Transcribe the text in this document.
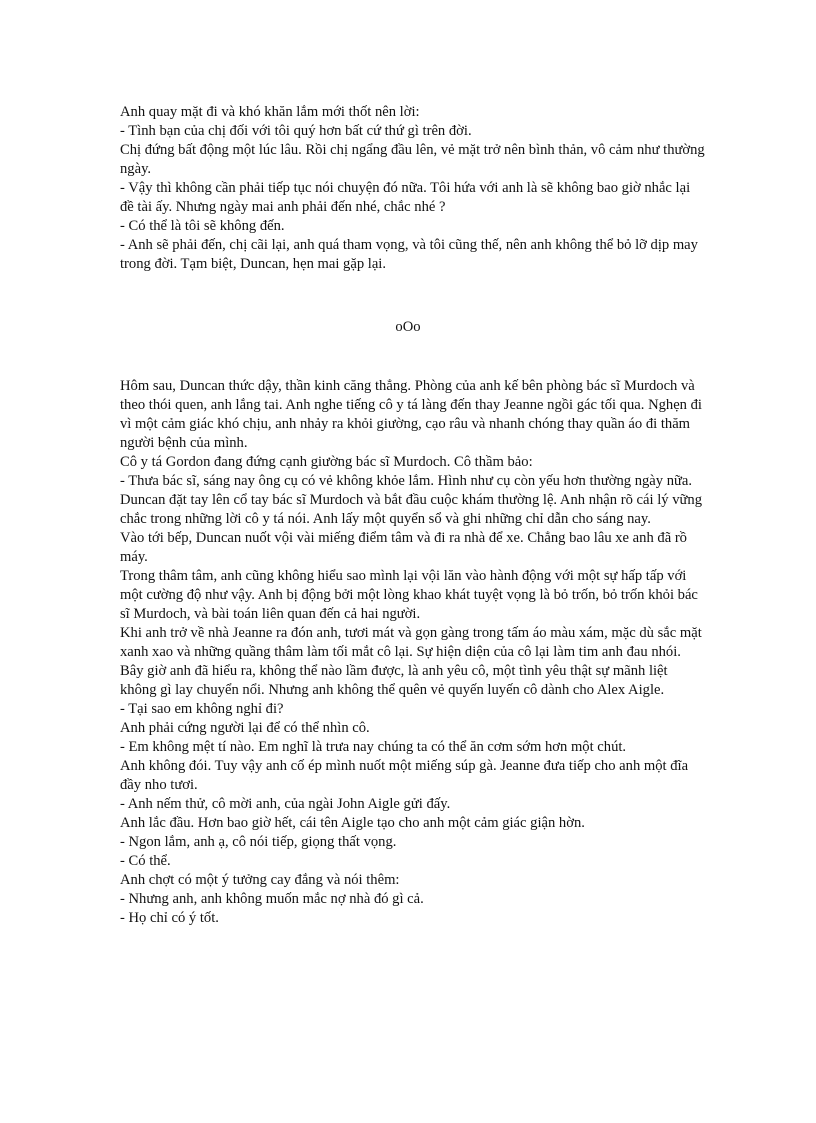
Anh quay mặt đi và khó khăn lắm mới thốt nên lời:

- Tình bạn của chị đối với tôi quý hơn bất cứ thứ gì trên đời.

Chị đứng bất động một lúc lâu. Rồi chị ngẩng đầu lên, vẻ mặt trở nên bình thản, vô cảm như thường ngày.

- Vậy thì không cần phải tiếp tục nói chuyện đó nữa. Tôi hứa với anh là sẽ không bao giờ nhắc lại đề tài ấy. Nhưng ngày mai anh phải đến nhé, chắc nhé ?

- Có thể là tôi sẽ không đến.

- Anh sẽ phải đến, chị cãi lại, anh quá tham vọng, và tôi cũng thế, nên anh không thể bỏ lỡ dịp may trong đời. Tạm biệt, Duncan, hẹn mai gặp lại.

oOo

Hôm sau, Duncan thức dậy, thần kinh căng thẳng. Phòng của anh kế bên phòng bác sĩ Murdoch và theo thói quen, anh lắng tai. Anh nghe tiếng cô y tá làng đến thay Jeanne ngồi gác tối qua. Nghẹn đi vì một cảm giác khó chịu, anh nhảy ra khỏi giường, cạo râu và nhanh chóng thay quần áo đi thăm người bệnh của mình.

Cô y tá Gordon đang đứng cạnh giường bác sĩ Murdoch. Cô thầm bảo:

- Thưa bác sĩ, sáng nay ông cụ có vẻ không khỏe lắm. Hình như cụ còn yếu hơn thường ngày nữa.

Duncan đặt tay lên cổ tay bác sĩ Murdoch và bắt đầu cuộc khám thường lệ. Anh nhận rõ cái lý vững chắc trong những lời cô y tá nói. Anh lấy một quyển sổ và ghi những chỉ dẫn cho sáng nay.

Vào tới bếp, Duncan nuốt vội vài miếng điểm tâm và đi ra nhà để xe. Chẳng bao lâu xe anh đã rồ máy.

Trong thâm tâm, anh cũng không hiểu sao mình lại vội lăn vào hành động với một sự hấp tấp với một cường độ như vậy. Anh bị động bởi một lòng khao khát tuyệt vọng là bỏ trốn, bỏ trốn khỏi bác sĩ Murdoch, và bài toán liên quan đến cả hai người.

Khi anh trở về nhà Jeanne ra đón anh, tươi mát và gọn gàng trong tấm áo màu xám, mặc dù sắc mặt xanh xao và những quầng thâm làm tối mắt cô lại. Sự hiện diện của cô lại làm tim anh đau nhói. Bây giờ anh đã hiểu ra, không thể nào lầm được, là anh yêu cô, một tình yêu thật sự mãnh liệt không gì lay chuyển nổi. Nhưng anh không thể quên vẻ quyến luyến cô dành cho Alex Aigle.

- Tại sao em không nghỉ đi?

Anh phải cứng người lại để có thể nhìn cô.

- Em không mệt tí nào. Em nghĩ là trưa nay chúng ta có thể ăn cơm sớm hơn một chút.

Anh không đói. Tuy vậy anh cố ép mình nuốt một miếng súp gà. Jeanne đưa tiếp cho anh một đĩa đầy nho tươi.

- Anh nếm thử, cô mời anh, của ngài John Aigle gửi đấy.

Anh lắc đầu. Hơn bao giờ hết, cái tên Aigle tạo cho anh một cảm giác giận hờn.

- Ngon lắm, anh ạ, cô nói tiếp, giọng thất vọng.

- Có thể.

Anh chợt có một ý tưởng cay đắng và nói thêm:

- Nhưng anh, anh không muốn mắc nợ nhà đó gì cả.

- Họ chỉ có ý tốt.
